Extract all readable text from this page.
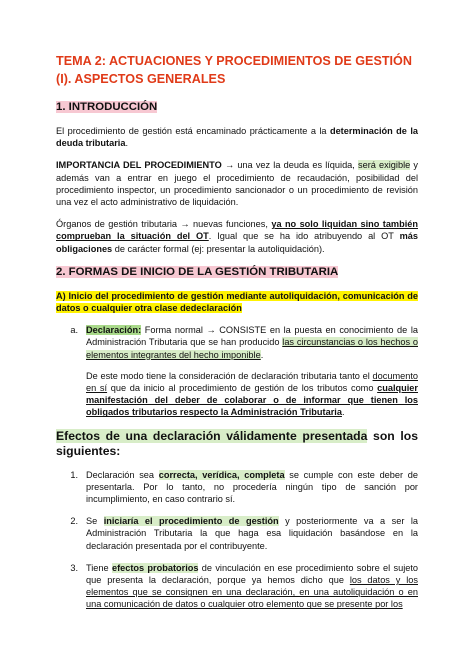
TEMA 2: ACTUACIONES Y PROCEDIMIENTOS DE GESTIÓN (I). ASPECTOS GENERALES
1. INTRODUCCIÓN

El procedimiento de gestión está encaminado prácticamente a la determinación de la deuda tributaria.

IMPORTANCIA DEL PROCEDIMIENTO → una vez la deuda es líquida, será exigible y además van a entrar en juego el procedimiento de recaudación, posibilidad del procedimiento inspector, un procedimiento sancionador o un procedimiento de revisión una vez el acto administrativo de liquidación.

Órganos de gestión tributaria → nuevas funciones, ya no solo liquidan sino también comprueban la situación del OT. Igual que se ha ido atribuyendo al OT más obligaciones de carácter formal (ej: presentar la autoliquidación).

2. FORMAS DE INICIO DE LA GESTIÓN TRIBUTARIA

A) Inicio del procedimiento de gestión mediante autoliquidación, comunicación de datos o cualquier otra clase dedeclaración

a. Declaración: Forma normal → CONSISTE en la puesta en conocimiento de la Administración Tributaria que se han producido las circunstancias o los hechos o elementos integrantes del hecho imponible.

De este modo tiene la consideración de declaración tributaria tanto el documento en sí que da inicio al procedimiento de gestión de los tributos como cualquier manifestación del deber de colaborar o de informar que tienen los obligados tributarios respecto la Administración Tributaria.

Efectos de una declaración válidamente presentada son los siguientes:
1. Declaración sea correcta, verídica, completa se cumple con este deber de presentarla. Por lo tanto, no procedería ningún tipo de sanción por incumplimiento, en caso contrario sí.

2. Se iniciaría el procedimiento de gestión y posteriormente va a ser la Administración Tributaria la que haga esa liquidación basándose en la declaración presentada por el contribuyente.

3. Tiene efectos probatorios de vinculación en ese procedimiento sobre el sujeto que presenta la declaración, porque ya hemos dicho que los datos y los elementos que se consignen en una declaración, en una autoliquidación o en una comunicación de datos o cualquier otro elemento que se presente por los
